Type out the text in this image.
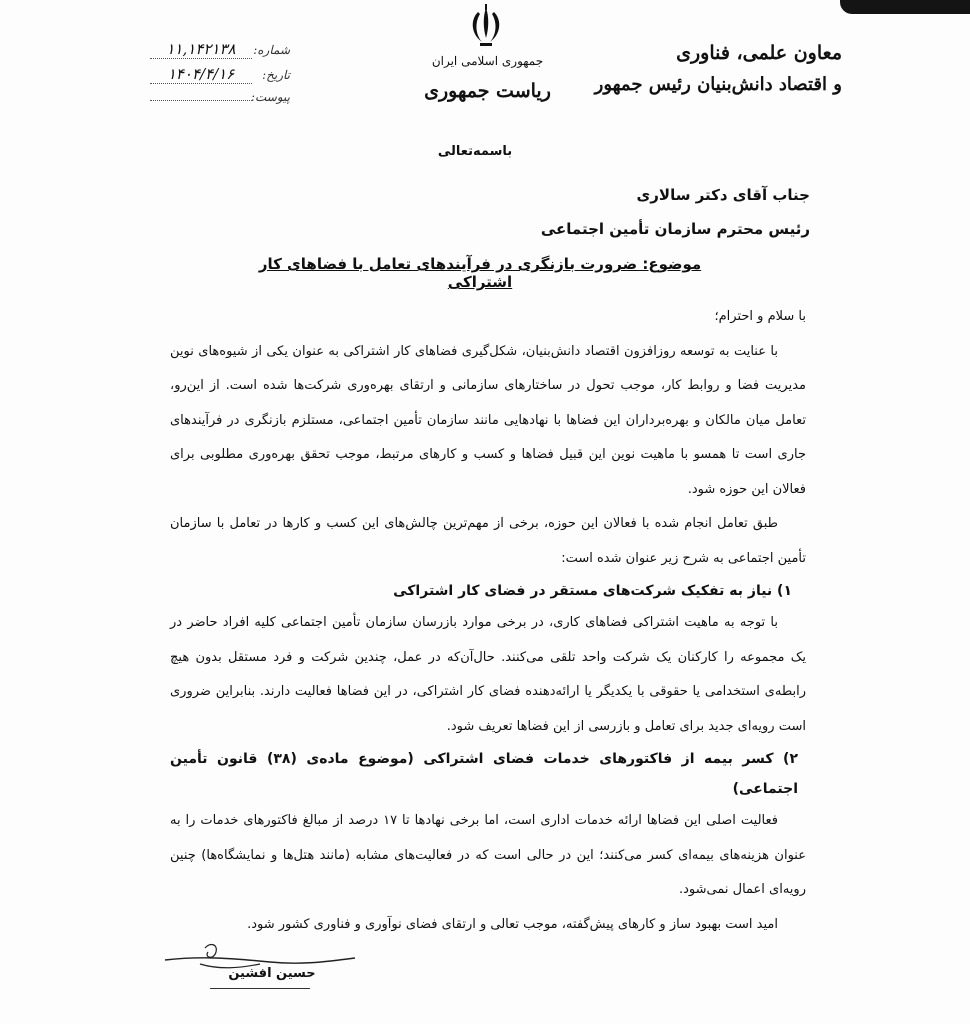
جمهوری اسلامی ایران
ریاست جمهوری
باسمه‌تعالی
معاون علمی، فناوری
و اقتصاد دانش‌بنیان رئیس جمهور
شماره:
۱۱,۱۴۲۱۳۸
تاریخ:
۱۴۰۴/۴/۱۶
پیوست:
جناب آقای دکتر سالاری
رئیس محترم سازمان تأمین اجتماعی
موضوع: ضرورت بازنگری در فرآیندهای تعامل با فضاهای کار اشتراکی

با سلام و احترام؛

با عنایت به توسعه روزافزون اقتصاد دانش‌بنیان، شکل‌گیری فضاهای کار اشتراکی به عنوان یکی از شیوه‌های نوین مدیریت فضا و روابط کار، موجب تحول در ساختارهای سازمانی و ارتقای بهره‌وری شرکت‌ها شده است. از این‌رو، تعامل میان مالکان و بهره‌برداران این فضاها با نهادهایی مانند سازمان تأمین اجتماعی، مستلزم بازنگری در فرآیندهای جاری است تا همسو با ماهیت نوین این قبیل فضاها و کسب و کارهای مرتبط، موجب تحقق بهره‌وری مطلوبی برای فعالان این حوزه شود.

طبق تعامل انجام شده با فعالان این حوزه، برخی از مهم‌ترین چالش‌های این کسب و کارها در تعامل با سازمان تأمین اجتماعی به شرح زیر عنوان شده است:

۱) نیاز به تفکیک شرکت‌های مستقر در فضای کار اشتراکی

با توجه به ماهیت اشتراکی فضاهای کاری، در برخی موارد بازرسان سازمان تأمین اجتماعی کلیه افراد حاضر در یک مجموعه را کارکنان یک شرکت واحد تلقی می‌کنند. حال‌آن‌که در عمل، چندین شرکت و فرد مستقل بدون هیچ رابطه‌ی استخدامی یا حقوقی با یکدیگر یا ارائه‌دهنده فضای کار اشتراکی، در این فضاها فعالیت دارند. بنابراین ضروری است رویه‌ای جدید برای تعامل و بازرسی از این فضاها تعریف شود.

۲) کسر بیمه از فاکتورهای خدمات فضای اشتراکی (موضوع ماده‌ی (۳۸) قانون تأمین اجتماعی)

فعالیت اصلی این فضاها ارائه خدمات اداری است، اما برخی نهادها تا ۱۷ درصد از مبالغ فاکتورهای خدمات را به عنوان هزینه‌های بیمه‌ای کسر می‌کنند؛ این در حالی است که در فعالیت‌های مشابه (مانند هتل‌ها و نمایشگاه‌ها) چنین رویه‌ای اعمال نمی‌شود.

امید است بهبود ساز و کارهای پیش‌گفته، موجب تعالی و ارتقای فضای نوآوری و فناوری کشور شود.

حسین افشین
